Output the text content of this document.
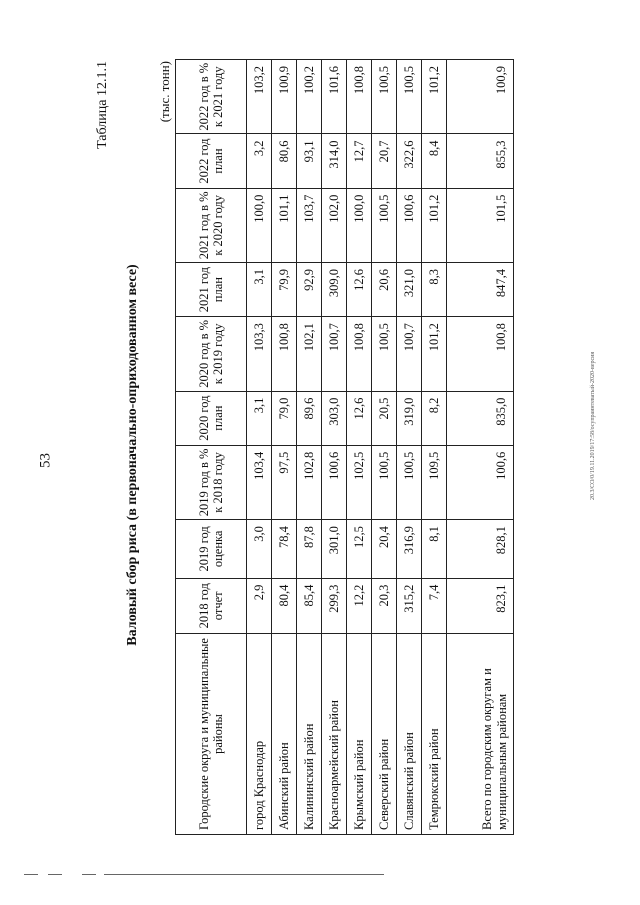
53	20.3/СО/0/19.11.2019/17:58/осупраинтеватый-2020-версия
Таблица 12.1.1
Валовый сбор риса (в первоначально-оприходованном весе)
(тыс. тонн)
Городские округа и муниципальные районы	2018 год отчет	2019 год оценка	2019 год в % к 2018 году	2020 год план	2020 год в % к 2019 году	2021 год план	2021 год в % к 2020 году	2022 год план	2022 год в % к 2021 году
город Краснодар	2,9	3,0	103,4	3,1	103,3	3,1	100,0	3,2	103,2
Абинский район	80,4	78,4	97,5	79,0	100,8	79,9	101,1	80,6	100,9
Калининский район	85,4	87,8	102,8	89,6	102,1	92,9	103,7	93,1	100,2
Красноармейский район	299,3	301,0	100,6	303,0	100,7	309,0	102,0	314,0	101,6
Крымский район	12,2	12,5	102,5	12,6	100,8	12,6	100,0	12,7	100,8
Северский район	20,3	20,4	100,5	20,5	100,5	20,6	100,5	20,7	100,5
Славянский район	315,2	316,9	100,5	319,0	100,7	321,0	100,6	322,6	100,5
Темрюкский район	7,4	8,1	109,5	8,2	101,2	8,3	101,2	8,4	101,2
Всего по городским округам и муниципальным районам	823,1	828,1	100,6	835,0	100,8	847,4	101,5	855,3	100,9
